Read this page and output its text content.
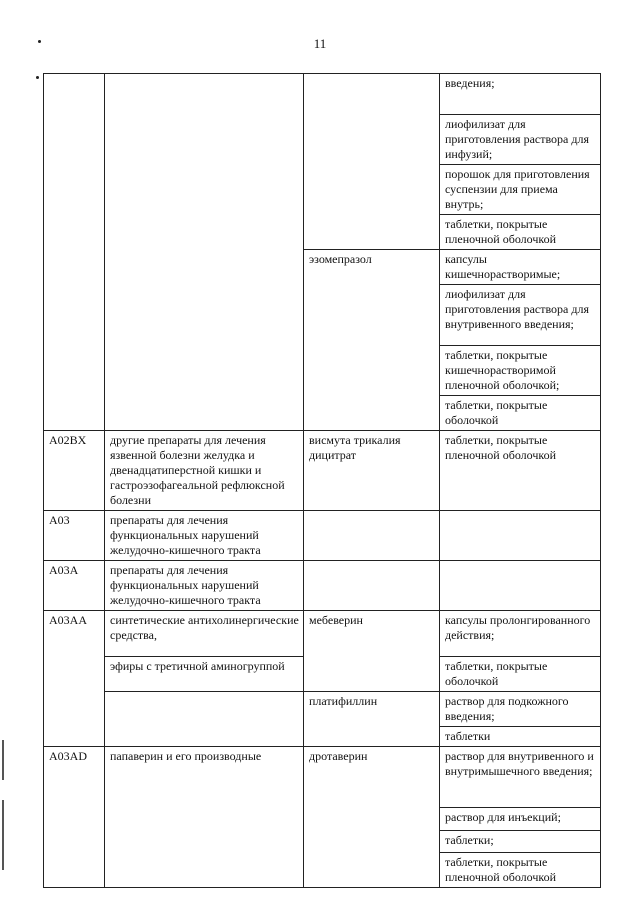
11

			введения;

			лиофилизат для приготовления раствора для инфузий;

			порошок для приготовления суспензии для приема внутрь;

			таблетки, покрытые пленочной оболочкой

		эзомепразол	капсулы кишечнорастворимые;

			лиофилизат для приготовления раствора для внутривенного введения;

			таблетки, покрытые кишечнорастворимой пленочной оболочкой;

			таблетки, покрытые оболочкой

A02BX	другие препараты для лечения язвенной болезни желудка и двенадцатиперстной кишки и гастроэзофагеальной рефлюксной болезни	висмута трикалия дицитрат	таблетки, покрытые пленочной оболочкой

A03	препараты для лечения функциональных нарушений желудочно-кишечного тракта		

A03A	препараты для лечения функциональных нарушений желудочно-кишечного тракта		

A03AA	синтетические антихолинергические средства,	мебеверин	капсулы пролонгированного действия;

	эфиры с третичной аминогруппой		таблетки, покрытые оболочкой

		платифиллин	раствор для подкожного введения;

			таблетки

A03AD	папаверин и его производные	дротаверин	раствор для внутривенного и внутримышечного введения;

			раствор для инъекций;

			таблетки;

			таблетки, покрытые пленочной оболочкой
